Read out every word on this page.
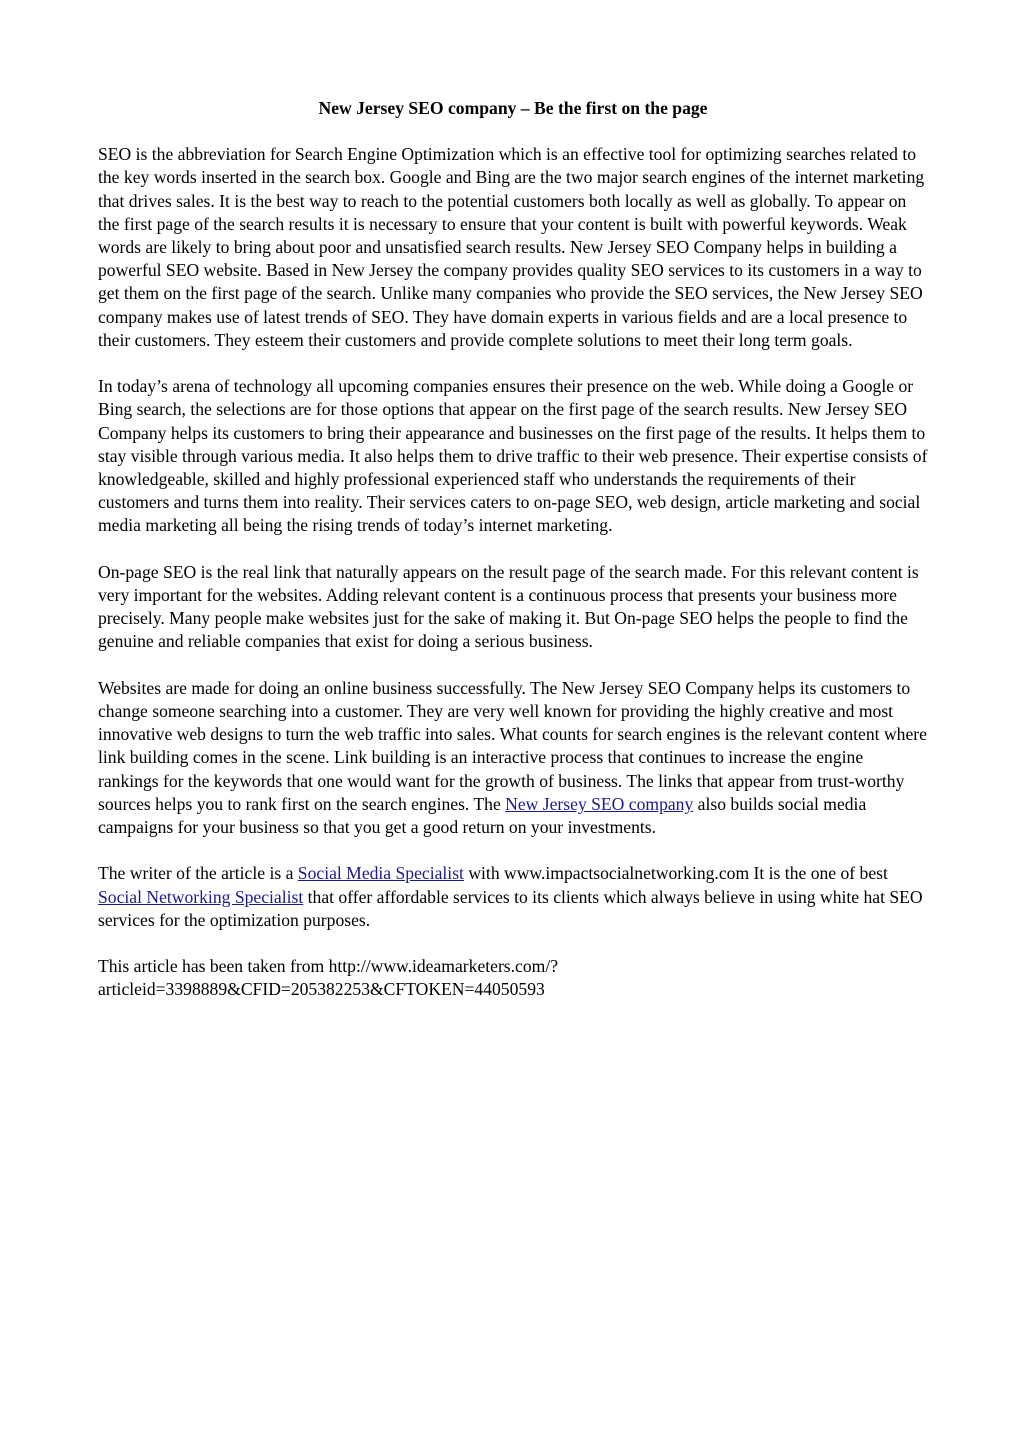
New Jersey SEO company – Be the first on the page

SEO is the abbreviation for Search Engine Optimization which is an effective tool for optimizing searches related to the key words inserted in the search box. Google and Bing are the two major search engines of the internet marketing that drives sales. It is the best way to reach to the potential customers both locally as well as globally. To appear on the first page of the search results it is necessary to ensure that your content is built with powerful keywords. Weak words are likely to bring about poor and unsatisfied search results. New Jersey SEO Company helps in building a powerful SEO website. Based in New Jersey the company provides quality SEO services to its customers in a way to get them on the first page of the search. Unlike many companies who provide the SEO services, the New Jersey SEO company makes use of latest trends of SEO. They have domain experts in various fields and are a local presence to their customers. They esteem their customers and provide complete solutions to meet their long term goals.

In today’s arena of technology all upcoming companies ensures their presence on the web. While doing a Google or Bing search, the selections are for those options that appear on the first page of the search results. New Jersey SEO Company helps its customers to bring their appearance and businesses on the first page of the results. It helps them to stay visible through various media. It also helps them to drive traffic to their web presence. Their expertise consists of knowledgeable, skilled and highly professional experienced staff who understands the requirements of their customers and turns them into reality. Their services caters to on-page SEO, web design, article marketing and social media marketing all being the rising trends of today’s internet marketing.

On-page SEO is the real link that naturally appears on the result page of the search made. For this relevant content is very important for the websites. Adding relevant content is a continuous process that presents your business more precisely. Many people make websites just for the sake of making it. But On-page SEO helps the people to find the genuine and reliable companies that exist for doing a serious business.

Websites are made for doing an online business successfully. The New Jersey SEO Company helps its customers to change someone searching into a customer. They are very well known for providing the highly creative and most innovative web designs to turn the web traffic into sales. What counts for search engines is the relevant content where link building comes in the scene. Link building is an interactive process that continues to increase the engine rankings for the keywords that one would want for the growth of business. The links that appear from trust-worthy sources helps you to rank first on the search engines. The New Jersey SEO company also builds social media campaigns for your business so that you get a good return on your investments.

The writer of the article is a Social Media Specialist with www.impactsocialnetworking.com It is the one of best Social Networking Specialist that offer affordable services to its clients which always believe in using white hat SEO services for the optimization purposes.

This article has been taken from http://www.ideamarketers.com/?
articleid=3398889&CFID=205382253&CFTOKEN=44050593
